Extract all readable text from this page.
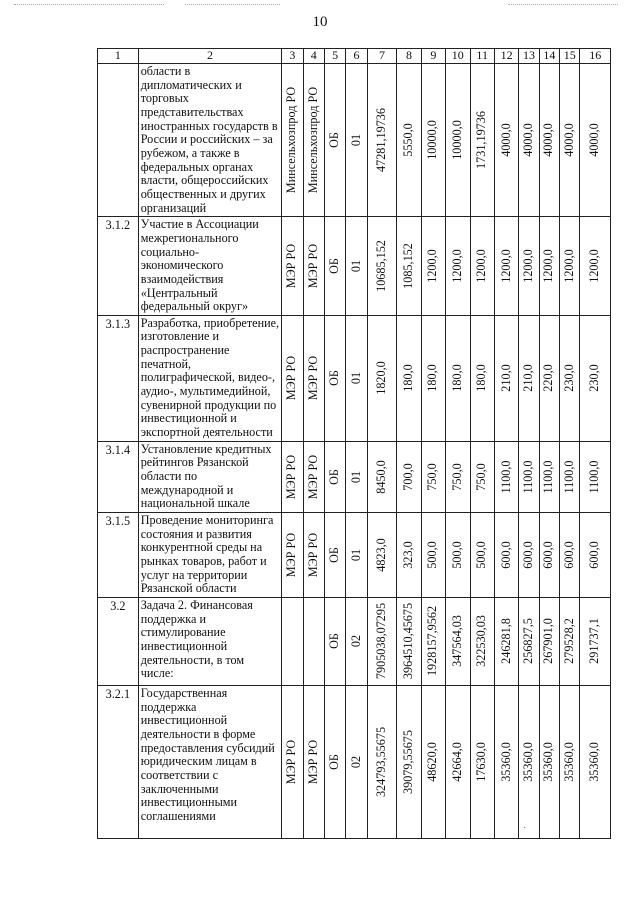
10
1	2	3	4	5	6	7	8	9	10	11	12	13	14	15	16
	области в дипломатических и торговых представительствах иностранных государств в России и российских – за рубежом, а также в федеральных органах власти, общероссийских общественных и других организаций	Минсельхозпрод РО	Минсельхозпрод РО	ОБ	01	47281,19736	5550,0	10000,0	10000,0	1731,19736	4000,0	4000,0	4000,0	4000,0	4000,0

3.1.2	Участие в Ассоциации межрегионального социально-экономического взаимодействия «Центральный федеральный округ»	МЭР РО	МЭР РО	ОБ	01	10685,152	1085,152	1200,0	1200,0	1200,0	1200,0	1200,0	1200,0	1200,0	1200,0

3.1.3	Разработка, приобретение, изготовление и распространение печатной, полиграфической, видео-, аудио-, мультимедийной, сувенирной продукции по инвестиционной и экспортной деятельности	МЭР РО	МЭР РО	ОБ	01	1820,0	180,0	180,0	180,0	180,0	210,0	210,0	220,0	230,0	230,0

3.1.4	Установление кредитных рейтингов Рязанской области по международной и национальной шкале	МЭР РО	МЭР РО	ОБ	01	8450,0	700,0	750,0	750,0	750,0	1100,0	1100,0	1100,0	1100,0	1100,0

3.1.5	Проведение мониторинга состояния и развития конкурентной среды на рынках товаров, работ и услуг на территории Рязанской области	МЭР РО	МЭР РО	ОБ	01	4823,0	323,0	500,0	500,0	500,0	600,0	600,0	600,0	600,0	600,0

3.2	Задача 2. Финансовая поддержка и стимулирование инвестиционной деятельности, в том числе:			ОБ	02	7905038,07295	3964510,45675	1928157,9562	347564,03	322530,03	246281,8	256827,5	267901,0	279528,2	291737,1

3.2.1	Государственная поддержка инвестиционной деятельности в форме предоставления субсидий юридическим лицам в соответствии с заключенными инвестиционными соглашениями	МЭР РО	МЭР РО	ОБ	02	324793,55675	39079,55675	48620,0	42664,0	17630,0	35360,0	35360,0	35360,0	35360,0	35360,0
·
